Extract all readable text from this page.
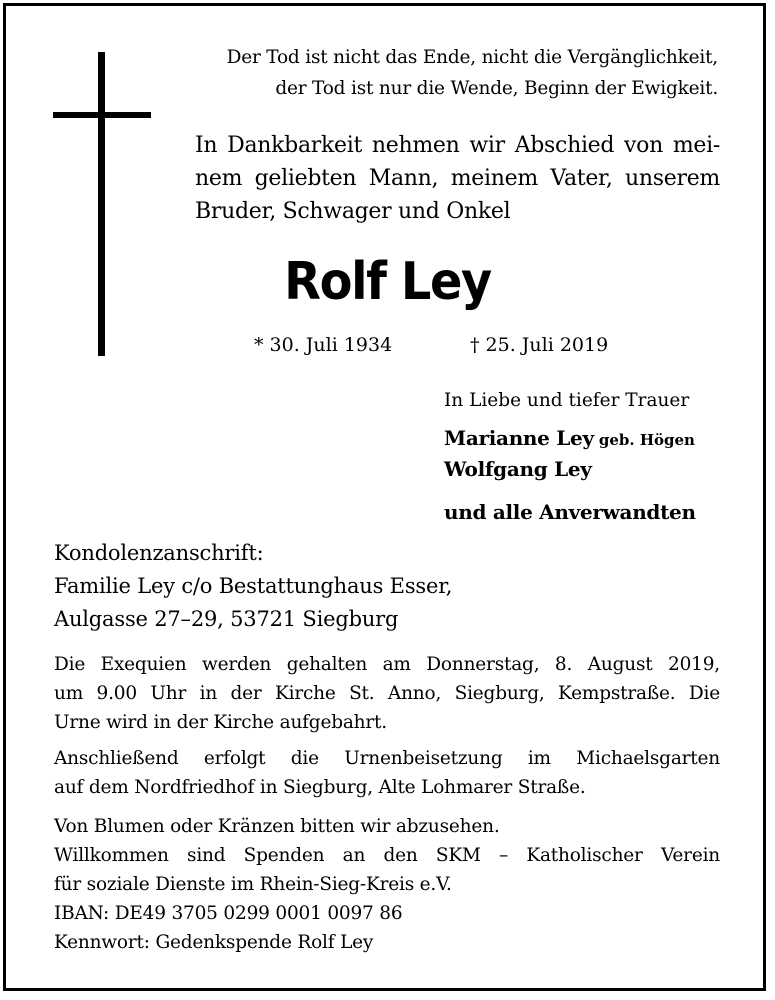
Der Tod ist nicht das Ende, nicht die Vergänglichkeit,
der Tod ist nur die Wende, Beginn der Ewigkeit.
In Dankbarkeit nehmen wir Abschied von mei-
nem geliebten Mann, meinem Vater, unserem
Bruder, Schwager und Onkel
Rolf Ley
* 30. Juli 1934	† 25. Juli 2019
In Liebe und tiefer Trauer
Marianne Ley geb. Högen
Wolfgang Ley
und alle Anverwandten
Kondolenzanschrift:
Familie Ley c/o Bestattunghaus Esser,
Aulgasse 27–29, 53721 Siegburg
Die Exequien werden gehalten am Donnerstag, 8. August 2019,
um 9.00 Uhr in der Kirche St. Anno, Siegburg, Kempstraße. Die
Urne wird in der Kirche aufgebahrt.
Anschließend erfolgt die Urnenbeisetzung im Michaelsgarten
auf dem Nordfriedhof in Siegburg, Alte Lohmarer Straße.
Von Blumen oder Kränzen bitten wir abzusehen.
Willkommen sind Spenden an den SKM – Katholischer Verein
für soziale Dienste im Rhein-Sieg-Kreis e.V.
IBAN: DE49 3705 0299 0001 0097 86
Kennwort: Gedenkspende Rolf Ley
